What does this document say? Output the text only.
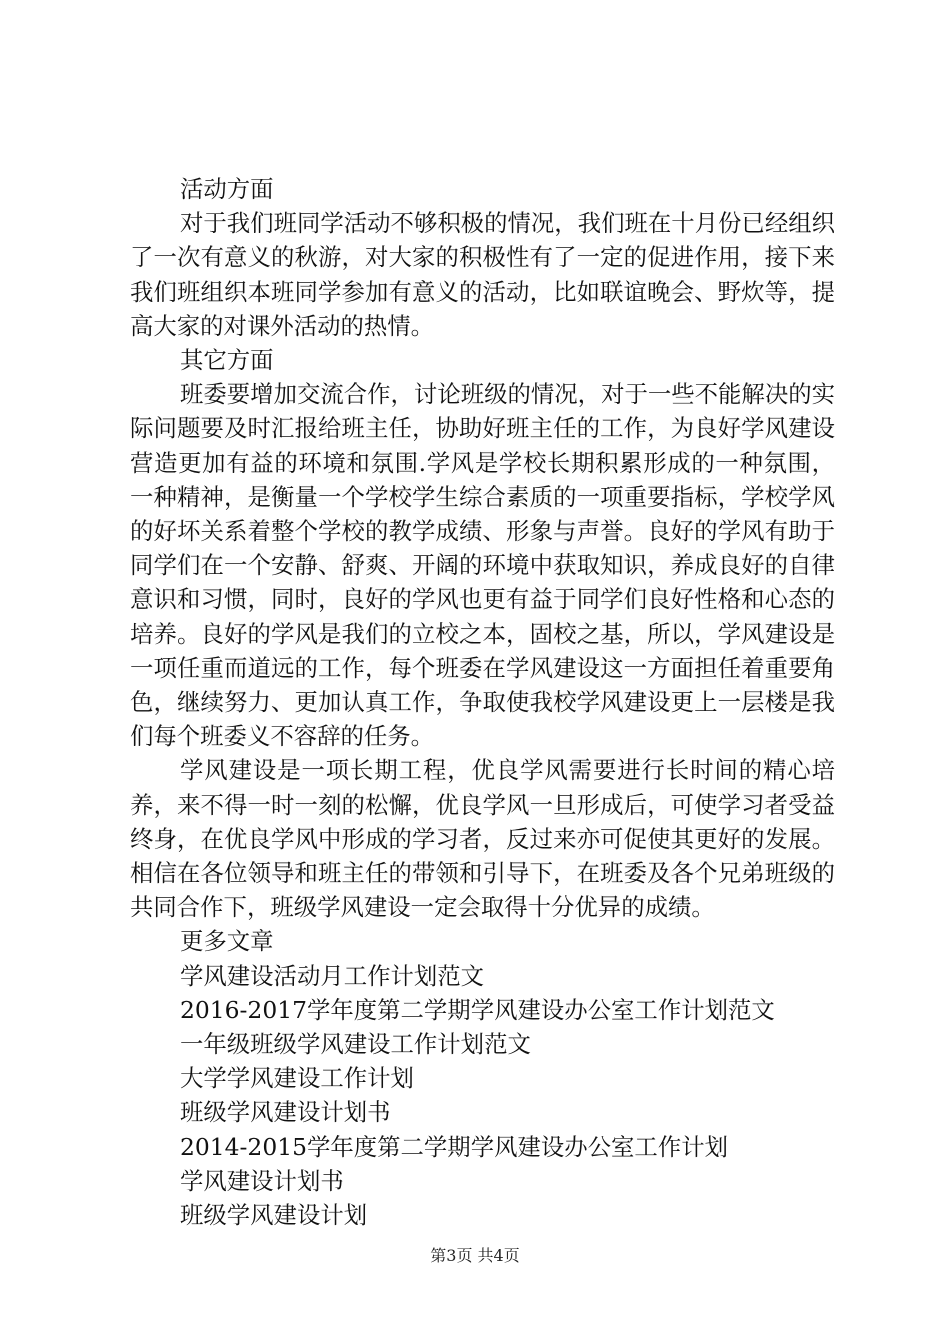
活动方面

对于我们班同学活动不够积极的情况，我们班在十月份已经组织了一次有意义的秋游，对大家的积极性有了一定的促进作用，接下来我们班组织本班同学参加有意义的活动，比如联谊晚会、野炊等，提高大家的对课外活动的热情。

其它方面

班委要增加交流合作，讨论班级的情况，对于一些不能解决的实际问题要及时汇报给班主任，协助好班主任的工作，为良好学风建设营造更加有益的环境和氛围.学风是学校长期积累形成的一种氛围，一种精神，是衡量一个学校学生综合素质的一项重要指标，学校学风的好坏关系着整个学校的教学成绩、形象与声誉。良好的学风有助于同学们在一个安静、舒爽、开阔的环境中获取知识，养成良好的自律意识和习惯，同时，良好的学风也更有益于同学们良好性格和心态的培养。良好的学风是我们的立校之本，固校之基，所以，学风建设是一项任重而道远的工作，每个班委在学风建设这一方面担任着重要角色，继续努力、更加认真工作，争取使我校学风建设更上一层楼是我们每个班委义不容辞的任务。

学风建设是一项长期工程，优良学风需要进行长时间的精心培养，来不得一时一刻的松懈，优良学风一旦形成后，可使学习者受益终身，在优良学风中形成的学习者，反过来亦可促使其更好的发展。相信在各位领导和班主任的带领和引导下，在班委及各个兄弟班级的共同合作下，班级学风建设一定会取得十分优异的成绩。

更多文章

学风建设活动月工作计划范文
2016-2017学年度第二学期学风建设办公室工作计划范文
一年级班级学风建设工作计划范文
大学学风建设工作计划
班级学风建设计划书
2014-2015学年度第二学期学风建设办公室工作计划
学风建设计划书
班级学风建设计划
第3页 共4页
